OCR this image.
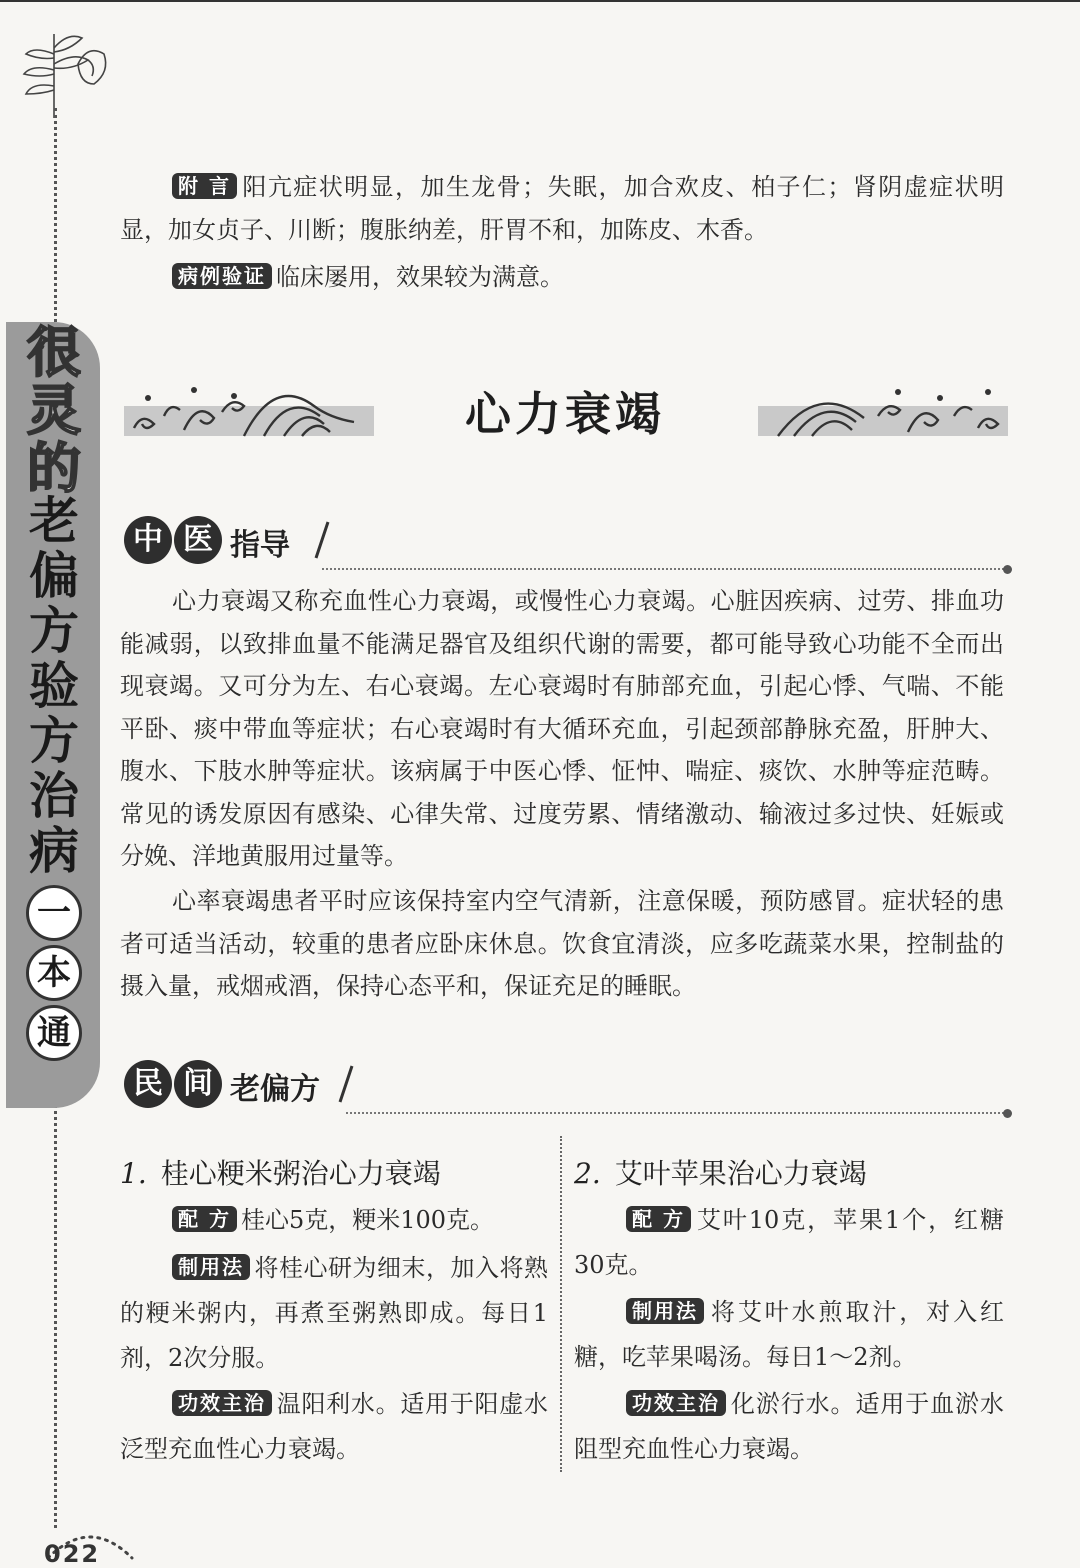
很
灵
的
老
偏
方
验
方
治
病
一
本
通

附 言 阳亢症状明显，加生龙骨；失眠，加合欢皮、柏子仁；肾阴虚症状明显，加女贞子、川断；腹胀纳差，肝胃不和，加陈皮、木香。

病例验证 临床屡用，效果较为满意。

心力衰竭
中 医 指导

心力衰竭又称充血性心力衰竭，或慢性心力衰竭。心脏因疾病、过劳、排血功能减弱，以致排血量不能满足器官及组织代谢的需要，都可能导致心功能不全而出现衰竭。又可分为左、右心衰竭。左心衰竭时有肺部充血，引起心悸、气喘、不能平卧、痰中带血等症状；右心衰竭时有大循环充血，引起颈部静脉充盈，肝肿大、腹水、下肢水肿等症状。该病属于中医心悸、怔忡、喘症、痰饮、水肿等症范畴。常见的诱发原因有感染、心律失常、过度劳累、情绪激动、输液过多过快、妊娠或分娩、洋地黄服用过量等。

心率衰竭患者平时应该保持室内空气清新，注意保暖，预防感冒。症状轻的患者可适当活动，较重的患者应卧床休息。饮食宜清淡，应多吃蔬菜水果，控制盐的摄入量，戒烟戒酒，保持心态平和，保证充足的睡眠。

民 间 老偏方
1. 桂心粳米粥治心力衰竭

配 方 桂心5克，粳米100克。

制用法 将桂心研为细末，加入将熟的粳米粥内，再煮至粥熟即成。每日1剂，2次分服。

功效主治 温阳利水。适用于阳虚水泛型充血性心力衰竭。

2. 艾叶苹果治心力衰竭

配 方 艾叶10克，苹果1个，红糖30克。

制用法 将艾叶水煎取汁，对入红糖，吃苹果喝汤。每日1～2剂。

功效主治 化淤行水。适用于血淤水阻型充血性心力衰竭。

022
